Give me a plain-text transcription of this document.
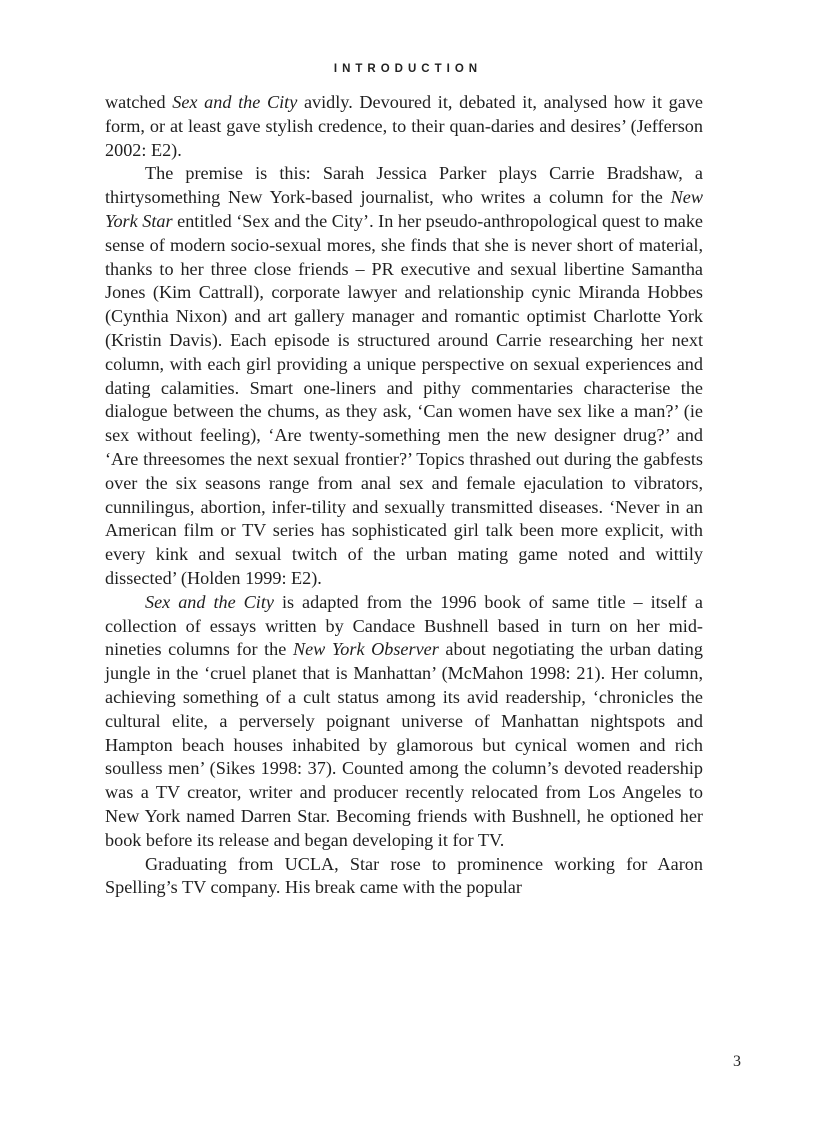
INTRODUCTION

watched Sex and the City avidly. Devoured it, debated it, analysed how it gave form, or at least gave stylish credence, to their quan-daries and desires’ (Jefferson 2002: E2).

The premise is this: Sarah Jessica Parker plays Carrie Bradshaw, a thirtysomething New York-based journalist, who writes a column for the New York Star entitled ‘Sex and the City’. In her pseudo-anthropological quest to make sense of modern socio-sexual mores, she finds that she is never short of material, thanks to her three close friends – PR executive and sexual libertine Samantha Jones (Kim Cattrall), corporate lawyer and relationship cynic Miranda Hobbes (Cynthia Nixon) and art gallery manager and romantic optimist Charlotte York (Kristin Davis). Each episode is structured around Carrie researching her next column, with each girl providing a unique perspective on sexual experiences and dating calamities. Smart one-liners and pithy commentaries characterise the dialogue between the chums, as they ask, ‘Can women have sex like a man?’ (ie sex without feeling), ‘Are twenty-something men the new designer drug?’ and ‘Are threesomes the next sexual frontier?’ Topics thrashed out during the gabfests over the six seasons range from anal sex and female ejaculation to vibrators, cunnilingus, abortion, infer-tility and sexually transmitted diseases. ‘Never in an American film or TV series has sophisticated girl talk been more explicit, with every kink and sexual twitch of the urban mating game noted and wittily dissected’ (Holden 1999: E2).

Sex and the City is adapted from the 1996 book of same title – itself a collection of essays written by Candace Bushnell based in turn on her mid-nineties columns for the New York Observer about negotiating the urban dating jungle in the ‘cruel planet that is Manhattan’ (McMahon 1998: 21). Her column, achieving something of a cult status among its avid readership, ‘chronicles the cultural elite, a perversely poignant universe of Manhattan nightspots and Hampton beach houses inhabited by glamorous but cynical women and rich soulless men’ (Sikes 1998: 37). Counted among the column’s devoted readership was a TV creator, writer and producer recently relocated from Los Angeles to New York named Darren Star. Becoming friends with Bushnell, he optioned her book before its release and began developing it for TV.

Graduating from UCLA, Star rose to prominence working for Aaron Spelling’s TV company. His break came with the popular

3
